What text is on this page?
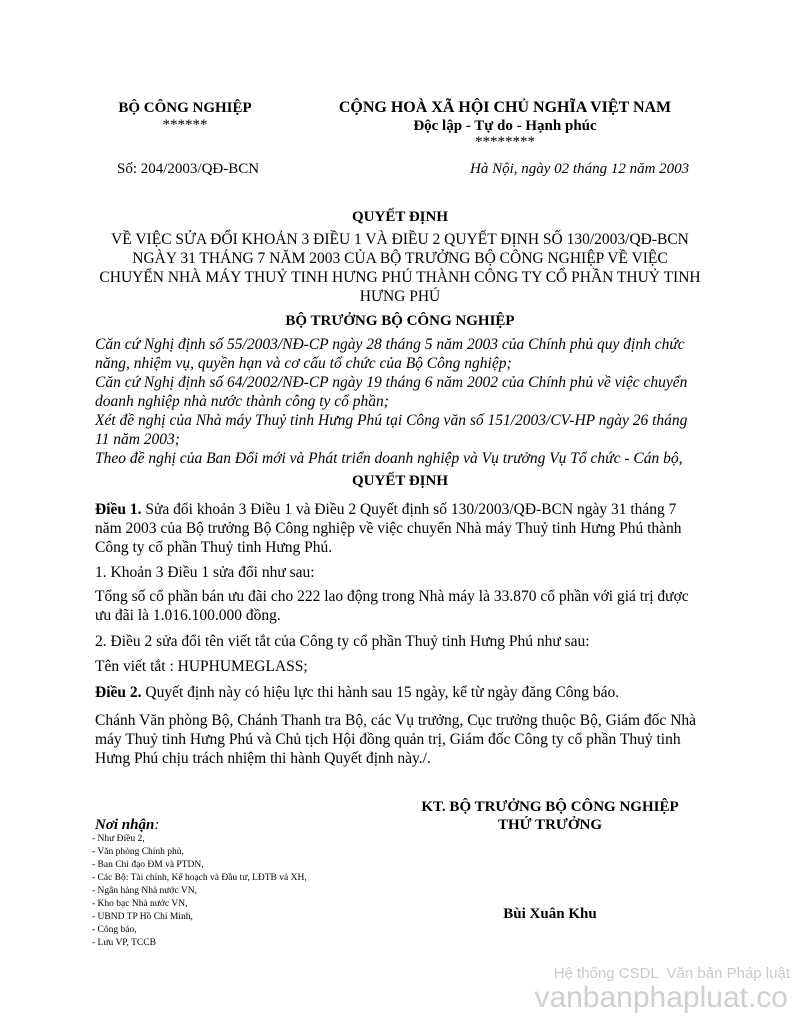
BỘ CÔNG NGHIỆP
******
CỘNG HOÀ XÃ HỘI CHỦ NGHĨA VIỆT NAM
Độc lập - Tự do - Hạnh phúc
********
Số: 204/2003/QĐ-BCN	Hà Nội, ngày 02 tháng 12 năm 2003
QUYẾT ĐỊNH
VỀ VIỆC SỬA ĐỔI KHOẢN 3 ĐIỀU 1 VÀ ĐIỀU 2 QUYẾT ĐỊNH SỐ 130/2003/QĐ-BCN
NGÀY 31 THÁNG 7 NĂM 2003 CỦA BỘ TRƯỞNG BỘ CÔNG NGHIỆP VỀ VIỆC
CHUYỂN NHÀ MÁY THUỶ TINH HƯNG PHÚ THÀNH CÔNG TY CỔ PHẦN THUỶ TINH
HƯNG PHÚ
BỘ TRƯỞNG BỘ CÔNG NGHIỆP
Căn cứ Nghị định số 55/2003/NĐ-CP ngày 28 tháng 5 năm 2003 của Chính phủ quy định chức
năng, nhiệm vụ, quyền hạn và cơ cấu tổ chức của Bộ Công nghiệp;
Căn cứ Nghị định số 64/2002/NĐ-CP ngày 19 tháng 6 năm 2002 của Chính phủ về việc chuyển
doanh nghiệp nhà nước thành công ty cổ phần;
Xét đề nghị của Nhà máy Thuỷ tinh Hưng Phú tại Công văn số 151/2003/CV-HP ngày 26 tháng
11 năm 2003;
Theo đề nghị của Ban Đổi mới và Phát triển doanh nghiệp và Vụ trưởng Vụ Tổ chức - Cán bộ,
QUYẾT ĐỊNH
Điều 1. Sửa đổi khoản 3 Điều 1 và Điều 2 Quyết định số 130/2003/QĐ-BCN ngày 31 tháng 7
năm 2003 của Bộ trưởng Bộ Công nghiệp về việc chuyển Nhà máy Thuỷ tinh Hưng Phú thành
Công ty cổ phần Thuỷ tinh Hưng Phú.
1. Khoản 3 Điều 1 sửa đổi như sau:
Tổng số cổ phần bán ưu đãi cho 222 lao động trong Nhà máy là 33.870 cổ phần với giá trị được
ưu đãi là 1.016.100.000 đồng.
2. Điều 2 sửa đổi tên viết tắt của Công ty cổ phần Thuỷ tinh Hưng Phú như sau:
Tên viết tắt : HUPHUMEGLASS;
Điều 2. Quyết định này có hiệu lực thi hành sau 15 ngày, kể từ ngày đăng Công báo.
Chánh Văn phòng Bộ, Chánh Thanh tra Bộ, các Vụ trưởng, Cục trưởng thuộc Bộ, Giám đốc Nhà
máy Thuỷ tinh Hưng Phú và Chủ tịch Hội đồng quản trị, Giám đốc Công ty cổ phần Thuỷ tinh
Hưng Phú chịu trách nhiệm thi hành Quyết định này./.
KT. BỘ TRƯỞNG BỘ CÔNG NGHIỆP
THỨ TRƯỞNG
Bùi Xuân Khu
Nơi nhận:
- Như Điều 2,
- Văn phòng Chính phủ,
- Ban Chỉ đạo ĐM và PTDN,
- Các Bộ: Tài chính, Kế hoạch và Đầu tư, LĐTB và XH,
- Ngân hàng Nhà nước VN,
- Kho bạc Nhà nước VN,
- UBND TP Hồ Chí Minh,
- Công báo,
- Lưu VP, TCCB
Hệ thống CSDL  Văn bản Pháp luật
vanbanphapluat.co
